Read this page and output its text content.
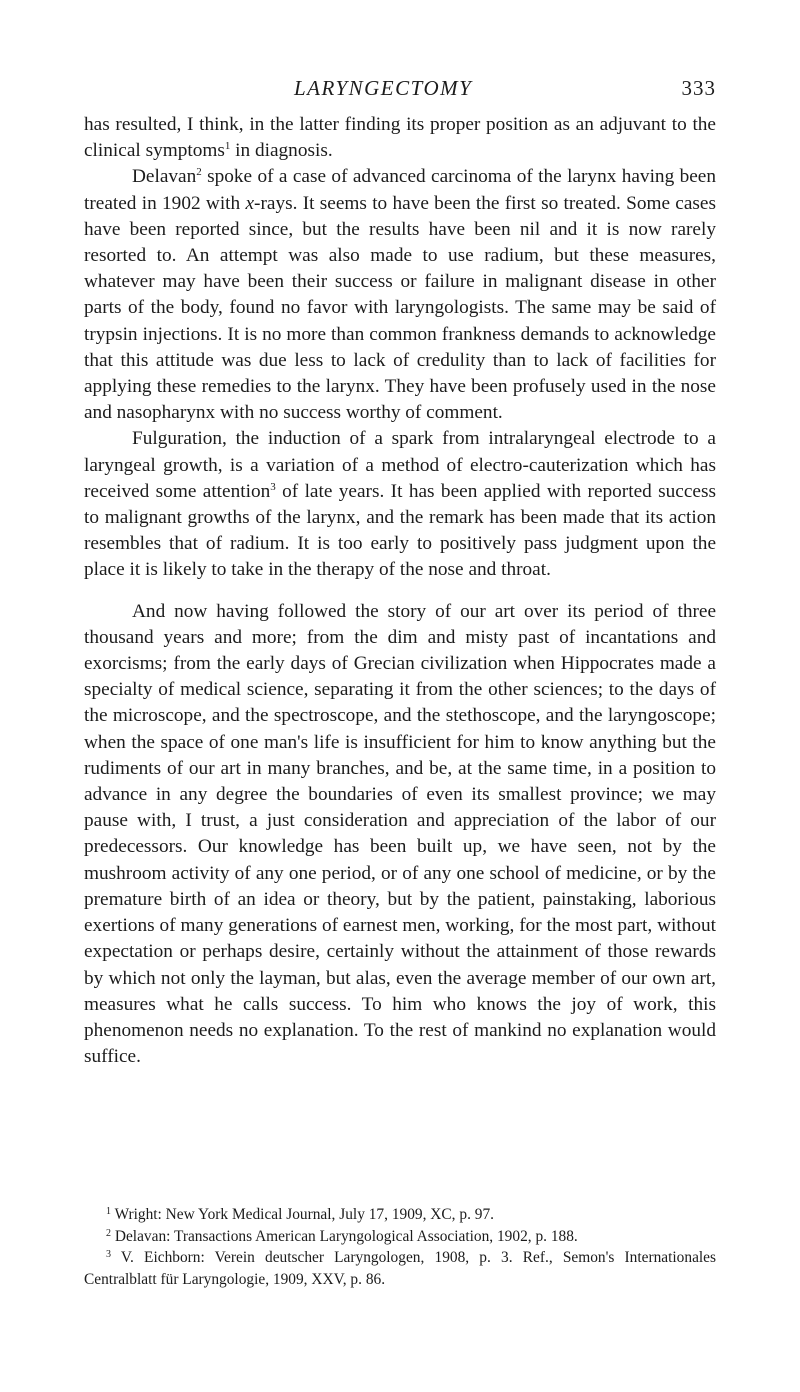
LARYNGECTOMY	333

has resulted, I think, in the latter finding its proper position as an adjuvant to the clinical symptoms$^1$ in diagnosis.

Delavan$^2$ spoke of a case of advanced carcinoma of the larynx having been treated in 1902 with x-rays. It seems to have been the first so treated. Some cases have been reported since, but the results have been nil and it is now rarely resorted to. An attempt was also made to use radium, but these measures, whatever may have been their success or failure in malignant disease in other parts of the body, found no favor with laryngologists. The same may be said of trypsin injections. It is no more than common frankness demands to acknowledge that this attitude was due less to lack of credulity than to lack of facilities for applying these remedies to the larynx. They have been profusely used in the nose and nasopharynx with no success worthy of comment.

Fulguration, the induction of a spark from intralaryngeal electrode to a laryngeal growth, is a variation of a method of electro-cauterization which has received some attention$^3$ of late years. It has been applied with reported success to malignant growths of the larynx, and the remark has been made that its action resembles that of radium. It is too early to positively pass judgment upon the place it is likely to take in the therapy of the nose and throat.

And now having followed the story of our art over its period of three thousand years and more; from the dim and misty past of incantations and exorcisms; from the early days of Grecian civilization when Hippocrates made a specialty of medical science, separating it from the other sciences; to the days of the microscope, and the spectroscope, and the stethoscope, and the laryngoscope; when the space of one man's life is insufficient for him to know anything but the rudiments of our art in many branches, and be, at the same time, in a position to advance in any degree the boundaries of even its smallest province; we may pause with, I trust, a just consideration and appreciation of the labor of our predecessors. Our knowledge has been built up, we have seen, not by the mushroom activity of any one period, or of any one school of medicine, or by the premature birth of an idea or theory, but by the patient, painstaking, laborious exertions of many generations of earnest men, working, for the most part, without expectation or perhaps desire, certainly without the attainment of those rewards by which not only the layman, but alas, even the average member of our own art, measures what he calls success. To him who knows the joy of work, this phenomenon needs no explanation. To the rest of mankind no explanation would suffice.

$^1$ Wright: New York Medical Journal, July 17, 1909, XC, p. 97.

$^2$ Delavan: Transactions American Laryngological Association, 1902, p. 188.

$^3$ V. Eichborn: Verein deutscher Laryngologen, 1908, p. 3. Ref., Semon's Internationales Centralblatt für Laryngologie, 1909, XXV, p. 86.
